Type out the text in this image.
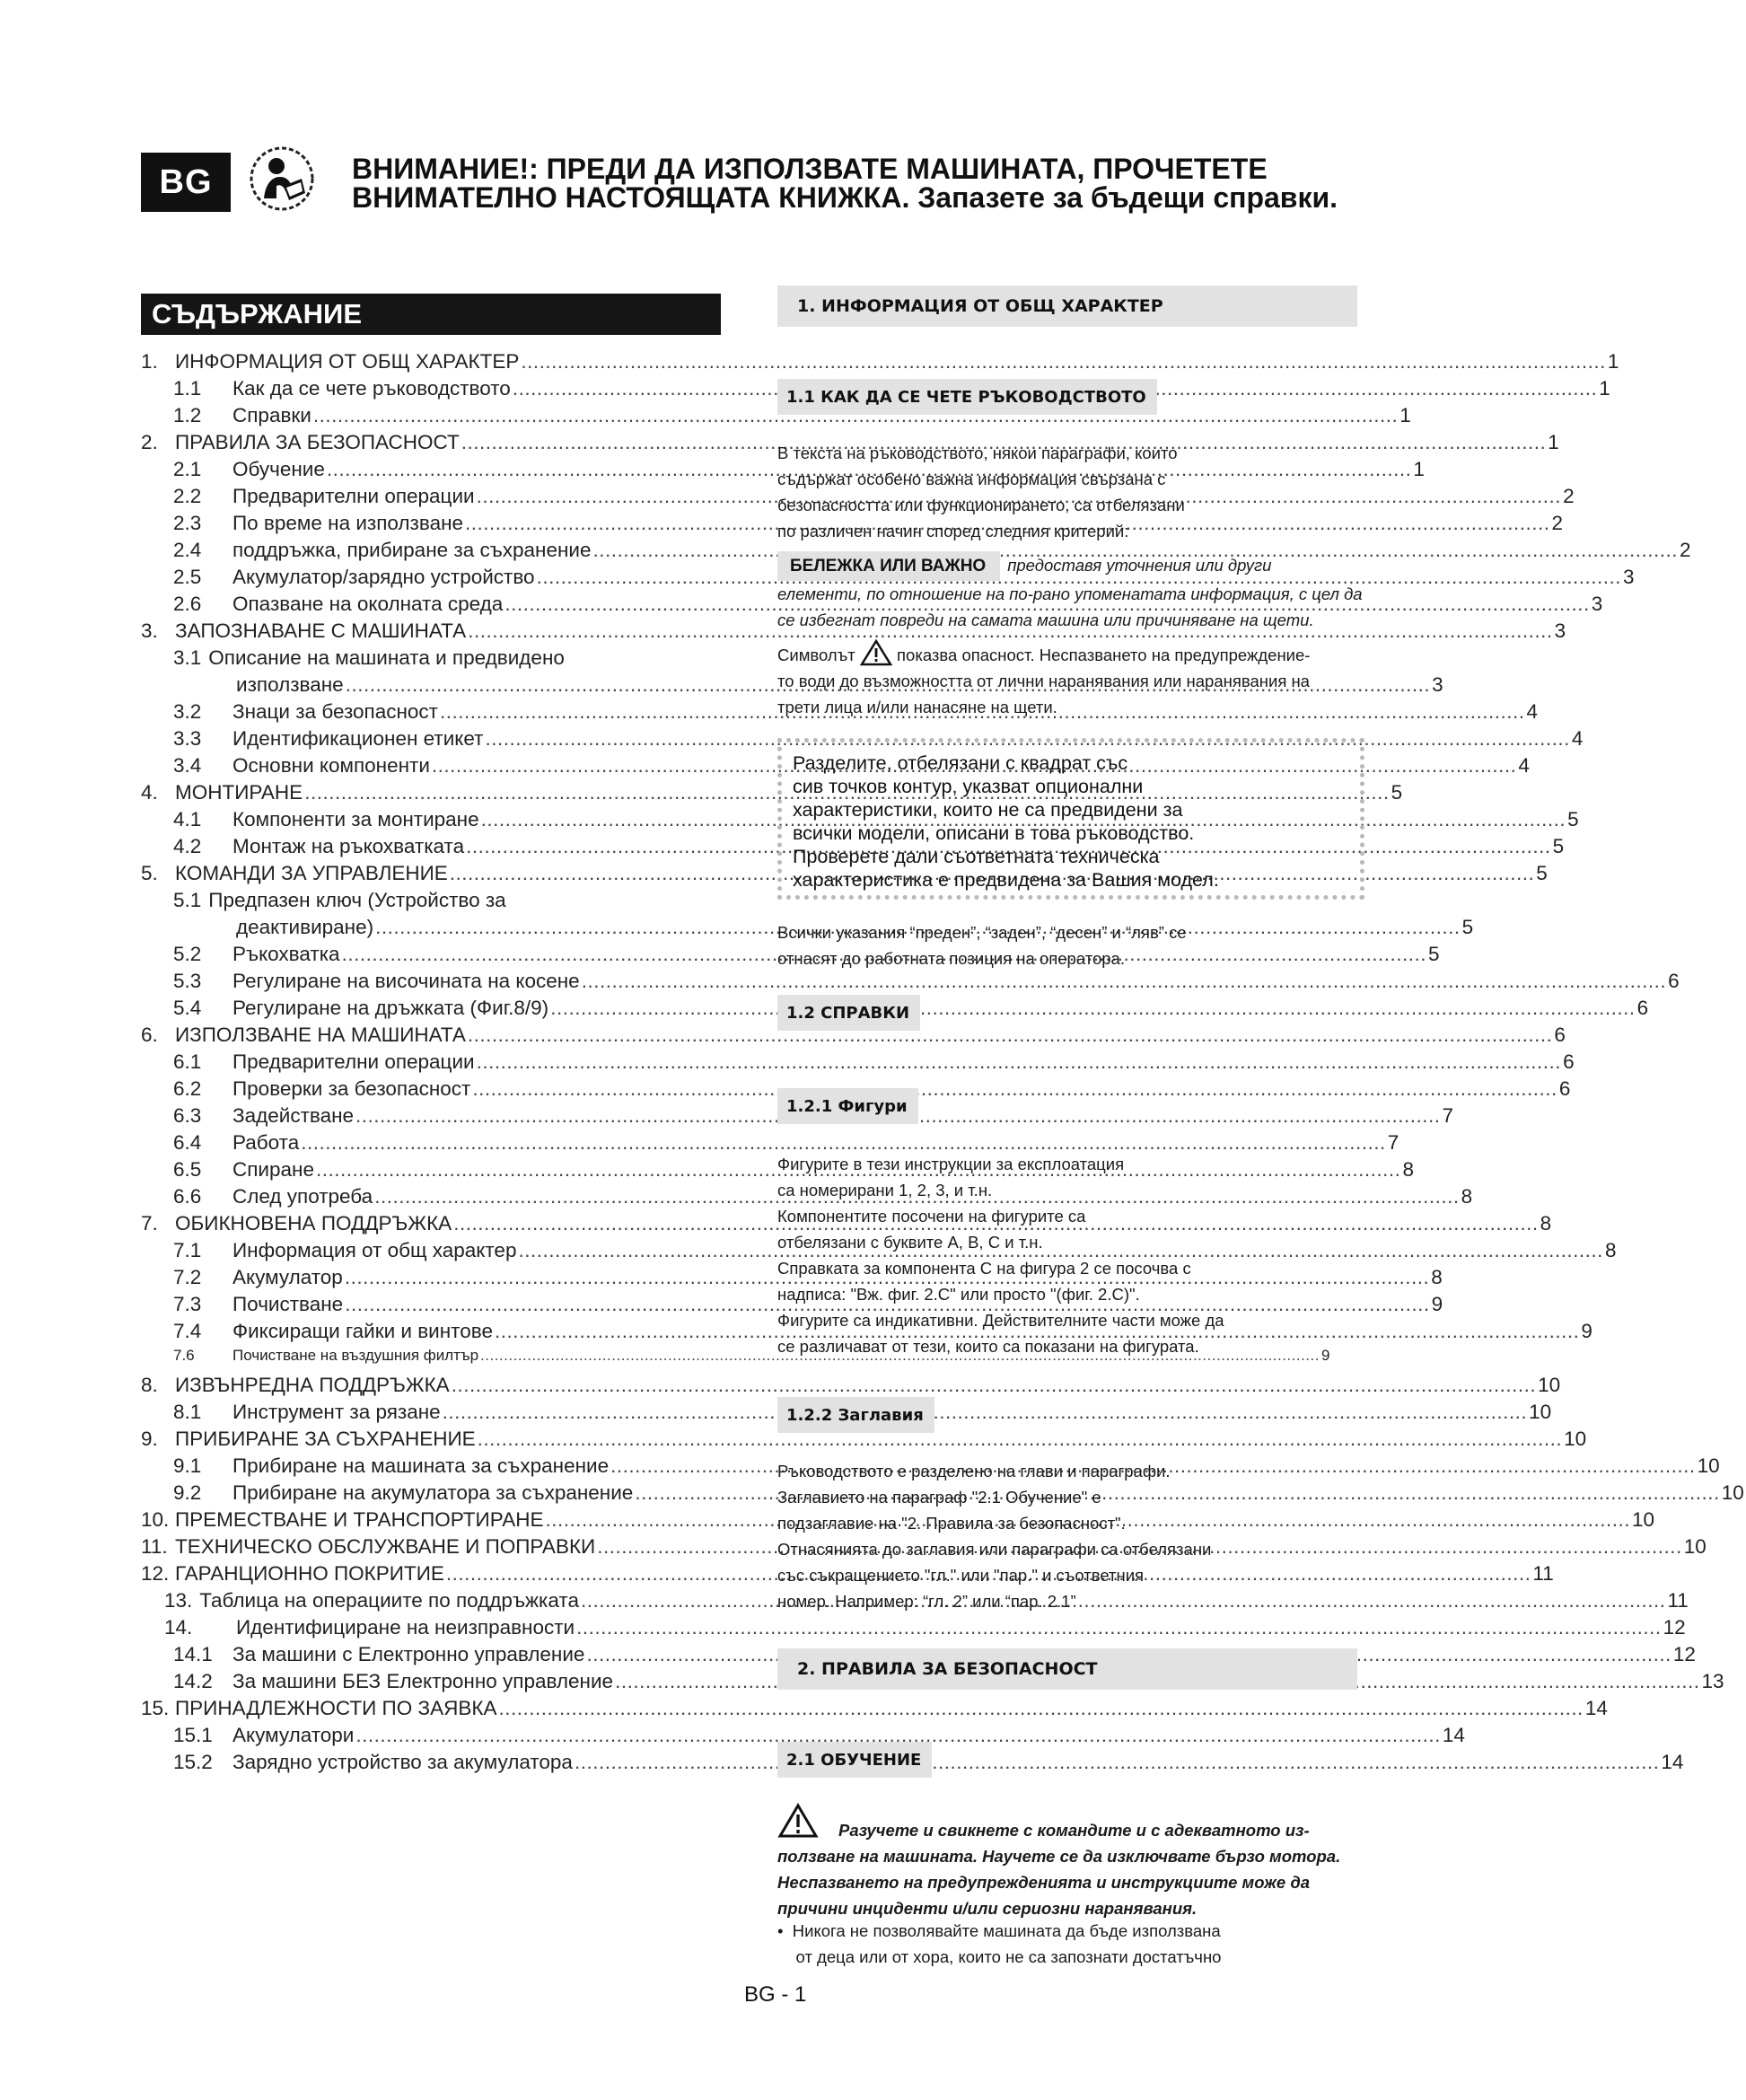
BG	ВНИМАНИЕ!: ПРЕДИ ДА ИЗПОЛЗВАТЕ МАШИНАТА, ПРОЧЕТЕТЕ
ВНИМАТЕЛНО НАСТОЯЩАТА КНИЖКА. Запазете за бъдещи справки.
СЪДЪРЖАНИЕ
1. ИНФОРМАЦИЯ ОТ ОБЩ ХАРАКТЕР .....	1
1.1	Как да се чете ръководството .....	1
1.2	Справки .....	1
2. ПРАВИЛА ЗА БЕЗОПАСНОСТ .....	1
2.1	Обучение .....	1
2.2	Предварителни операции .....	2
2.3	По време на използване .....	2
2.4	поддръжка, прибиране за съхранение .....	2
2.5	Акумулатор/зарядно устройство .....	3
2.6	Опазване на околната среда .....	3
3. ЗАПОЗНАВАНЕ С МАШИНАТА .....	3
3.1 Описание на машината и предвидено
използване .....	3
3.2	Знаци за безопасност .....	4
3.3	Идентификационен етикет .....	4
3.4	Основни компоненти .....	4
4. МОНТИРАНЕ .....	5
4.1	Компоненти за монтиране .....	5
4.2	Монтаж на ръкохватката .....	5
5. КОМАНДИ ЗА УПРАВЛЕНИЕ .....	5
5.1 Предпазен ключ (Устройство за
деактивиране) .....	5
5.2	Ръкохватка .....	5
5.3	Регулиране на височината на косене .....	6
5.4	Регулиране на дръжката (Фиг.8/9) .....	6
6. ИЗПОЛЗВАНЕ НА МАШИНАТА .....	6
6.1	Предварителни операции .....	6
6.2	Проверки за безопасност .....	6
6.3	Задействане .....	7
6.4	Работа .....	7
6.5	Спиране .....	8
6.6	След употреба .....	8
7. ОБИКНОВЕНА ПОДДРЪЖКА .....	8
7.1	Информация от общ характер .....	8
7.2	Акумулатор .....	8
7.3	Почистване .....	9
7.4	Фиксиращи гайки и винтове .....	9
7.6	Почистване на въздушния филтър .....	9
8. ИЗВЪНРЕДНА ПОДДРЪЖКА .....	10
8.1	Инструмент за рязане .....	10
9. ПРИБИРАНЕ ЗА СЪХРАНЕНИЕ .....	10
9.1	Прибиране на машината за съхранение .....	10
9.2	Прибиране на акумулатора за съхранение .....	10
10. ПРЕМЕСТВАНЕ И ТРАНСПОРТИРАНЕ .....	10
11. ТЕХНИЧЕСКО ОБСЛУЖВАНЕ И ПОПРАВКИ .....	10
12. ГАРАНЦИОННО ПОКРИТИЕ .....	11
13. Таблица на операциите по поддръжката .....	11
14.	Идентифициране на неизправности .....	12
14.1 За машини с Електронно управление .....	12
14.2 За машини БЕЗ Електронно управление .....	13
15. ПРИНАДЛЕЖНОСТИ ПО ЗАЯВКА .....	14
15.1 Акумулатори .....	14
15.2 Зарядно устройство за акумулатора .....	14
1. ИНФОРМАЦИЯ ОТ ОБЩ ХАРАКТЕР
1.1 КАК ДА СЕ ЧЕТЕ РЪКОВОДСТВОТО
В текста на ръководството, някои параграфи, които
съдържат особено важна информация свързана с
безопасността или функционирането, са отбелязани
по различен начин според следния критерий:
БЕЛЕЖКА ИЛИ ВАЖНО предоставя уточнения или други
елементи, по отношение на по-рано упоменатата информация, с цел да
се избегнат повреди на самата машина или причиняване на щети.
Символът	показва опасност. Неспазването на предупреждение-
то води до възможността от лични наранявания или наранявания на
трети лица и/или нанасяне на щети.
Разделите, отбелязани с квадрат със
сив точков контур, указват опционални
характеристики, които не са предвидени за
всички модели, описани в това ръководство.
Проверете дали съответната техническа
характеристика е предвидена за Вашия модел.
Всички указания “преден”, “заден”, “десен” и “ляв” се
отнасят до работната позиция на оператора.
1.2 СПРАВКИ
1.2.1 Фигури
Фигурите в тези инструкции за експлоатация
са номерирани 1, 2, 3, и т.н.
Компонентите посочени на фигурите са
отбелязани с буквите A, B, C и т.н.
Справката за компонента С на фигура 2 се посочва с
надписа: "Вж. фиг. 2.C" или просто "(фиг. 2.C)".
Фигурите са индикативни. Действителните части може да
се различават от тези, които са показани на фигурата.
1.2.2 Заглавия
Ръководството е разделено на глави и параграфи.
Заглавието на параграф "2.1 Обучение" е
подзаглавие на "2. Правила за безопасност".
Отнасянията до заглавия или параграфи са отбелязани
със съкращението "гл." или "пар." и съответния
номер. Например: “гл. 2” или “пар. 2.1”
2. ПРАВИЛА ЗА БЕЗОПАСНОСТ
2.1 ОБУЧЕНИЕ
Разучете и свикнете с командите и с адекватното из-
ползване на машината. Научете се да изключвате бързо мотора.
Неспазването на предупрежденията и инструкциите може да
причини инциденти и/или сериозни наранявания.
•  Никога не позволявайте машината да бъде използвана
от деца или от хора, които не са запознати достатъчно
BG - 1
